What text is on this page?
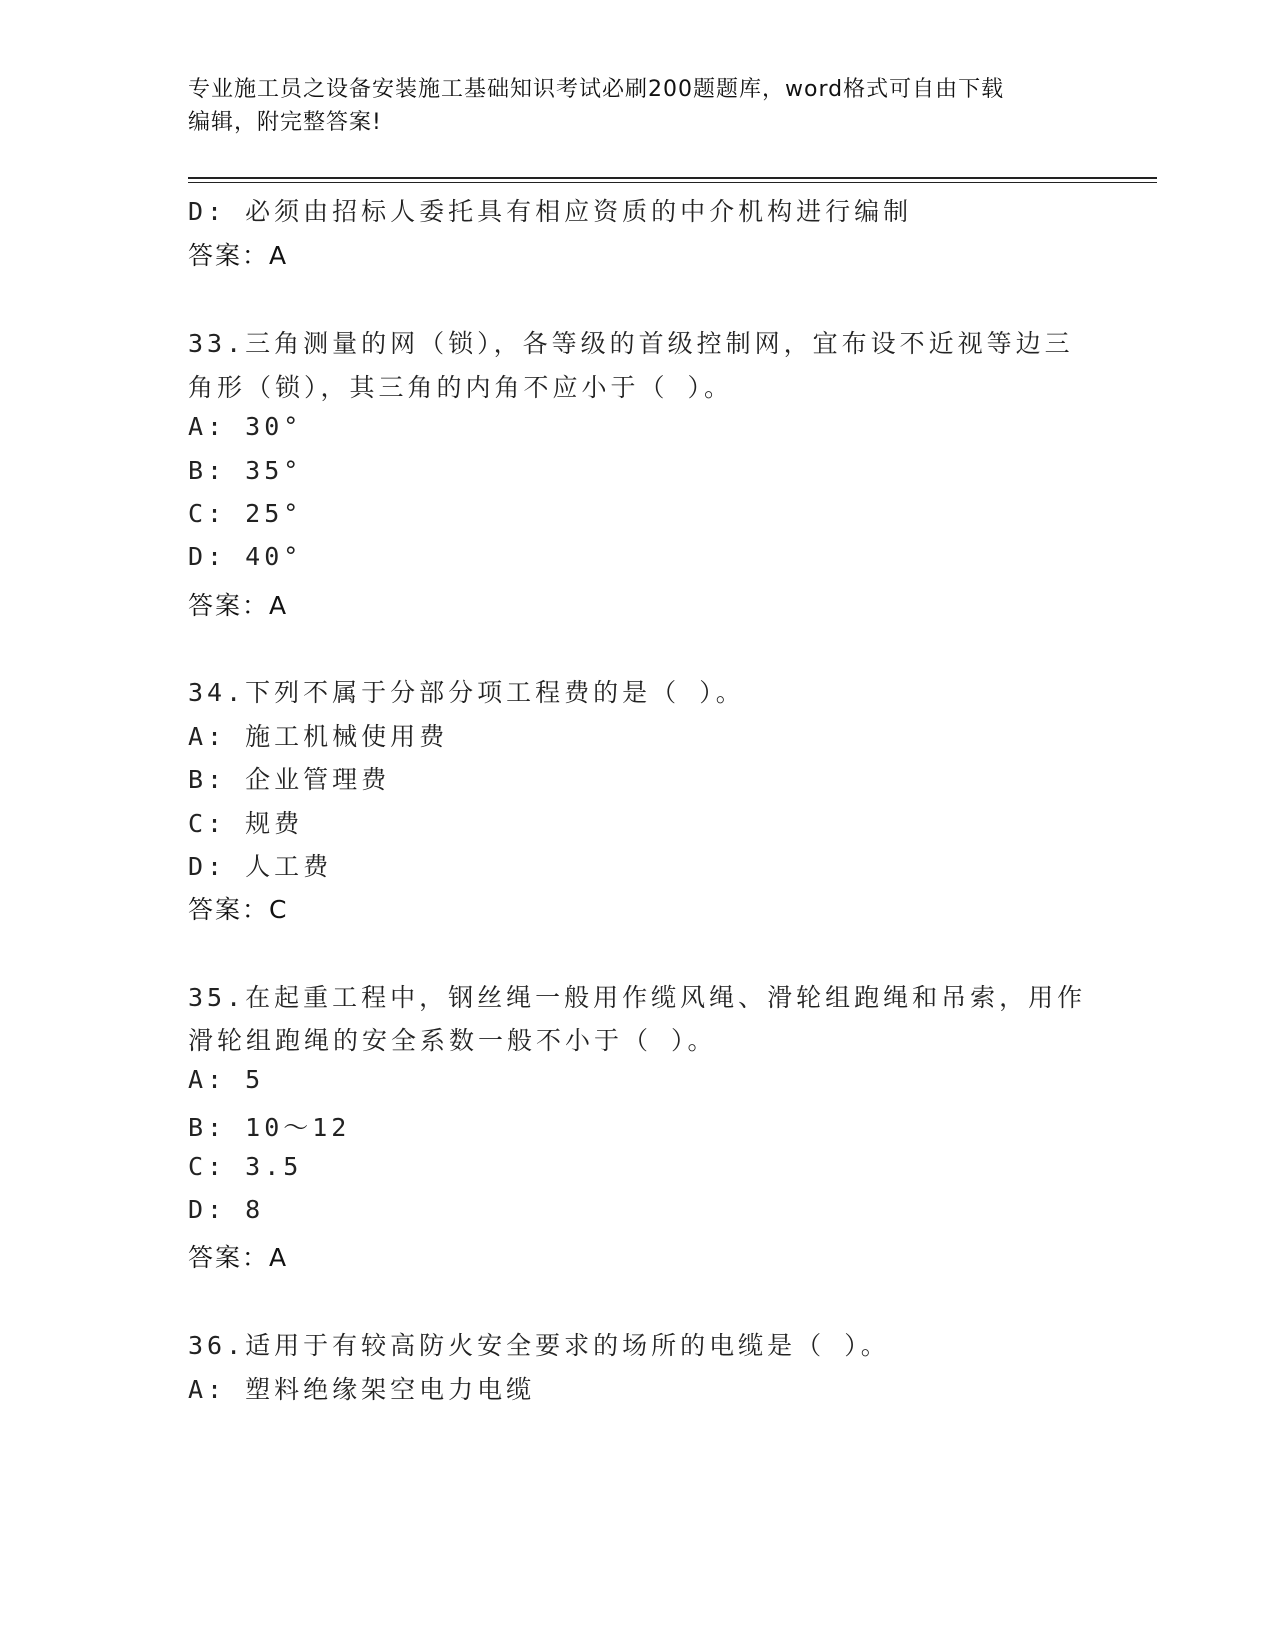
专业施工员之设备安装施工基础知识考试必刷200题题库，word格式可自由下载
编辑，附完整答案!
D: 必须由招标人委托具有相应资质的中介机构进行编制
答案：A
33.三角测量的网（锁），各等级的首级控制网，宜布设不近视等边三
角形（锁），其三角的内角不应小于（ ）。
A: 30°
B: 35°
C: 25°
D: 40°
答案：A
34.下列不属于分部分项工程费的是（ ）。
A: 施工机械使用费
B: 企业管理费
C: 规费
D: 人工费
答案：C
35.在起重工程中，钢丝绳一般用作缆风绳、滑轮组跑绳和吊索，用作
滑轮组跑绳的安全系数一般不小于（ ）。
A: 5
B: 10～12
C: 3.5
D: 8
答案：A
36.适用于有较高防火安全要求的场所的电缆是（ ）。
A: 塑料绝缘架空电力电缆
